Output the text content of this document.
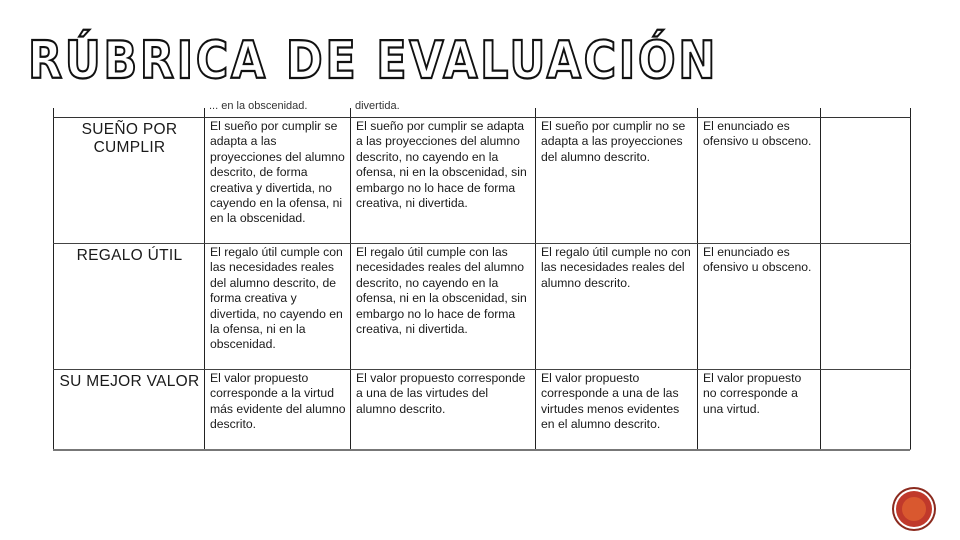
RÚBRICA DE EVALUACIÓN

	... en la obscenidad.	divertida.			

SUEÑO POR CUMPLIR	El sueño por cumplir se adapta a las proyecciones del alumno descrito, de forma creativa y divertida, no cayendo en la ofensa, ni en la obscenidad.	El sueño por cumplir se adapta a las proyecciones del alumno descrito, no cayendo en la ofensa, ni en la obscenidad, sin embargo no lo hace de forma creativa, ni divertida.	El sueño por cumplir no se adapta a las proyecciones del alumno descrito.	El enunciado es ofensivo u obsceno.	
REGALO ÚTIL	El regalo útil cumple con las necesidades reales del alumno descrito, de forma creativa y divertida, no cayendo en la ofensa, ni en la obscenidad.	El regalo útil cumple con las necesidades reales del alumno descrito, no cayendo en la ofensa, ni en la obscenidad, sin embargo no lo hace de forma creativa, ni divertida.	El regalo útil cumple no con las necesidades reales del alumno descrito.	El enunciado es ofensivo u obsceno.	
SU MEJOR VALOR	El valor propuesto corresponde a la virtud más evidente del alumno descrito.	El valor propuesto corresponde a una de las virtudes del alumno descrito.	El valor propuesto corresponde a una de las virtudes menos evidentes en el alumno descrito.	El valor propuesto no corresponde a una virtud.	
